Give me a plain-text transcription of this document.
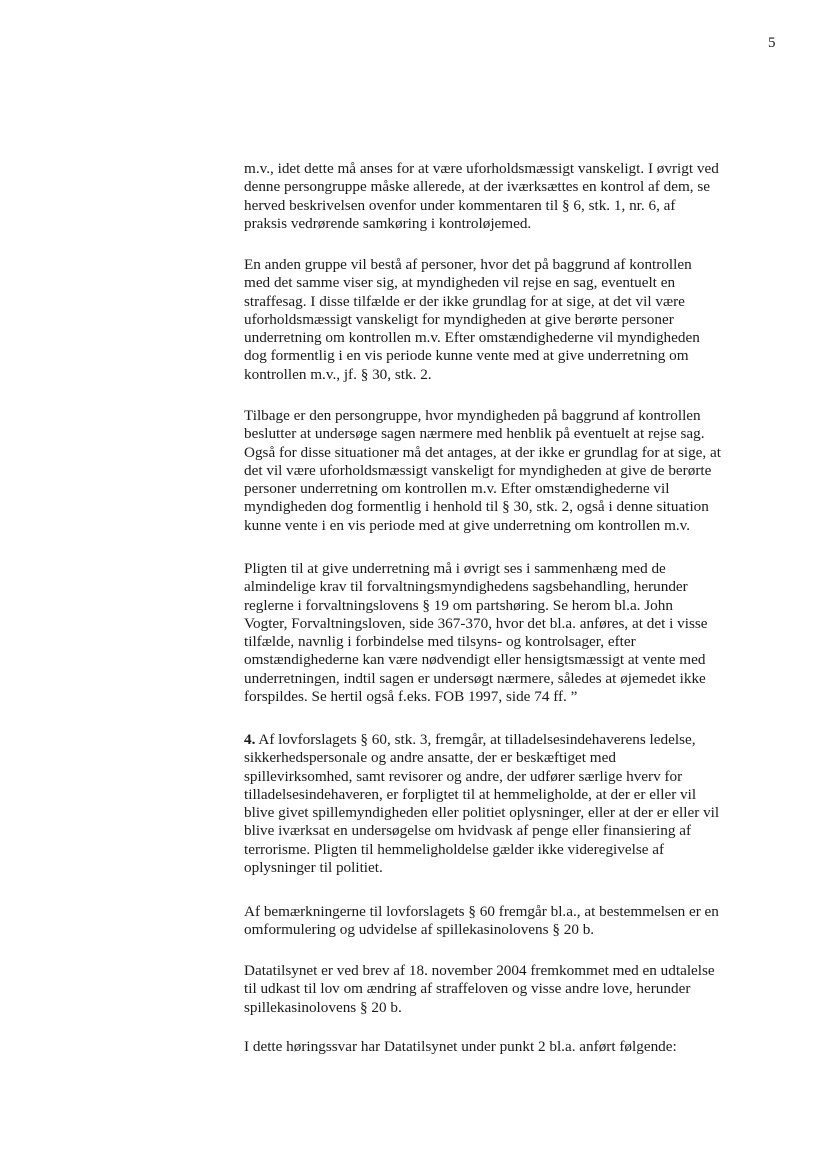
5
m.v., idet dette må anses for at være uforholdsmæssigt vanskeligt. I øvrigt ved
denne persongruppe måske allerede, at der iværksættes en kontrol af dem, se
herved beskrivelsen ovenfor under kommentaren til § 6, stk. 1, nr. 6, af
praksis vedrørende samkøring i kontroløjemed.
En anden gruppe vil bestå af personer, hvor det på baggrund af kontrollen
med det samme viser sig, at myndigheden vil rejse en sag, eventuelt en
straffesag. I disse tilfælde er der ikke grundlag for at sige, at det vil være
uforholdsmæssigt vanskeligt for myndigheden at give berørte personer
underretning om kontrollen m.v. Efter omstændighederne vil myndigheden
dog formentlig i en vis periode kunne vente med at give underretning om
kontrollen m.v., jf. § 30, stk. 2.
Tilbage er den persongruppe, hvor myndigheden på baggrund af kontrollen
beslutter at undersøge sagen nærmere med henblik på eventuelt at rejse sag.
Også for disse situationer må det antages, at der ikke er grundlag for at sige, at
det vil være uforholdsmæssigt vanskeligt for myndigheden at give de berørte
personer underretning om kontrollen m.v. Efter omstændighederne vil
myndigheden dog formentlig i henhold til § 30, stk. 2, også i denne situation
kunne vente i en vis periode med at give underretning om kontrollen m.v.
Pligten til at give underretning må i øvrigt ses i sammenhæng med de
almindelige krav til forvaltningsmyndighedens sagsbehandling, herunder
reglerne i forvaltningslovens § 19 om partshøring. Se herom bl.a. John
Vogter, Forvaltningsloven, side 367-370, hvor det bl.a. anføres, at det i visse
tilfælde, navnlig i forbindelse med tilsyns- og kontrolsager, efter
omstændighederne kan være nødvendigt eller hensigtsmæssigt at vente med
underretningen, indtil sagen er undersøgt nærmere, således at øjemedet ikke
forspildes. Se hertil også f.eks. FOB 1997, side 74 ff. ”
4. Af lovforslagets § 60, stk. 3, fremgår, at tilladelsesindehaverens ledelse,
sikkerhedspersonale og andre ansatte, der er beskæftiget med
spillevirksomhed, samt revisorer og andre, der udfører særlige hverv for
tilladelsesindehaveren, er forpligtet til at hemmeligholde, at der er eller vil
blive givet spillemyndigheden eller politiet oplysninger, eller at der er eller vil
blive iværksat en undersøgelse om hvidvask af penge eller finansiering af
terrorisme. Pligten til hemmeligholdelse gælder ikke videregivelse af
oplysninger til politiet.
Af bemærkningerne til lovforslagets § 60 fremgår bl.a., at bestemmelsen er en
omformulering og udvidelse af spillekasinolovens § 20 b.
Datatilsynet er ved brev af 18. november 2004 fremkommet med en udtalelse
til udkast til lov om ændring af straffeloven og visse andre love, herunder
spillekasinolovens § 20 b.
I dette høringssvar har Datatilsynet under punkt 2 bl.a. anført følgende:
